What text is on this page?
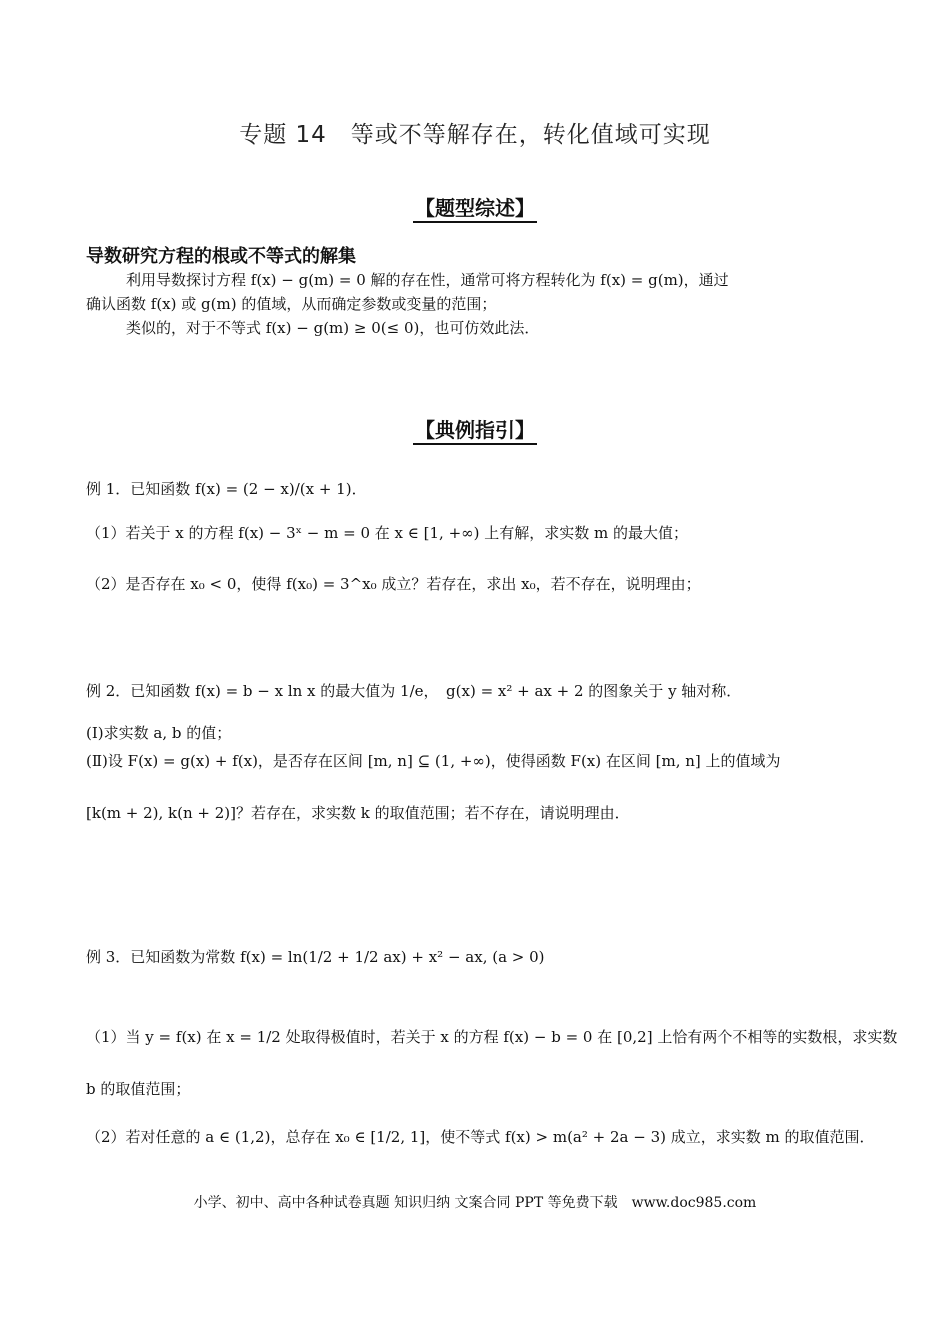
专题 14　等或不等解存在，转化值域可实现
【题型综述】
导数研究方程的根或不等式的解集
利用导数探讨方程 f(x) − g(m) = 0 解的存在性，通常可将方程转化为 f(x) = g(m)，通过
确认函数 f(x) 或 g(m) 的值域，从而确定参数或变量的范围；
类似的，对于不等式 f(x) − g(m) ≥ 0(≤ 0)，也可仿效此法．
【典例指引】
例 1．已知函数 f(x) = (2 − x)/(x + 1)．
（1）若关于 x 的方程 f(x) − 3ˣ − m = 0 在 x ∈ [1, +∞) 上有解，求实数 m 的最大值；
（2）是否存在 x₀ < 0，使得 f(x₀) = 3^x₀ 成立？若存在，求出 x₀，若不存在，说明理由；
例 2．已知函数 f(x) = b − x ln x 的最大值为 1/e，　g(x) = x² + ax + 2 的图象关于 y 轴对称．
(Ⅰ)求实数 a, b 的值；
(Ⅱ)设 F(x) = g(x) + f(x)，是否存在区间 [m, n] ⊆ (1, +∞)，使得函数 F(x) 在区间 [m, n] 上的值域为
[k(m + 2), k(n + 2)]？若存在，求实数 k 的取值范围；若不存在，请说明理由．
例 3．已知函数为常数 f(x) = ln(1/2 + 1/2 ax) + x² − ax, (a > 0)
（1）当 y = f(x) 在 x = 1/2 处取得极值时，若关于 x 的方程 f(x) − b = 0 在 [0,2] 上恰有两个不相等的实数根，求实数
b 的取值范围；
（2）若对任意的 a ∈ (1,2)，总存在 x₀ ∈ [1/2, 1]，使不等式 f(x) > m(a² + 2a − 3) 成立，求实数 m 的取值范围．
小学、初中、高中各种试卷真题 知识归纳 文案合同 PPT 等免费下载　www.doc985.com
